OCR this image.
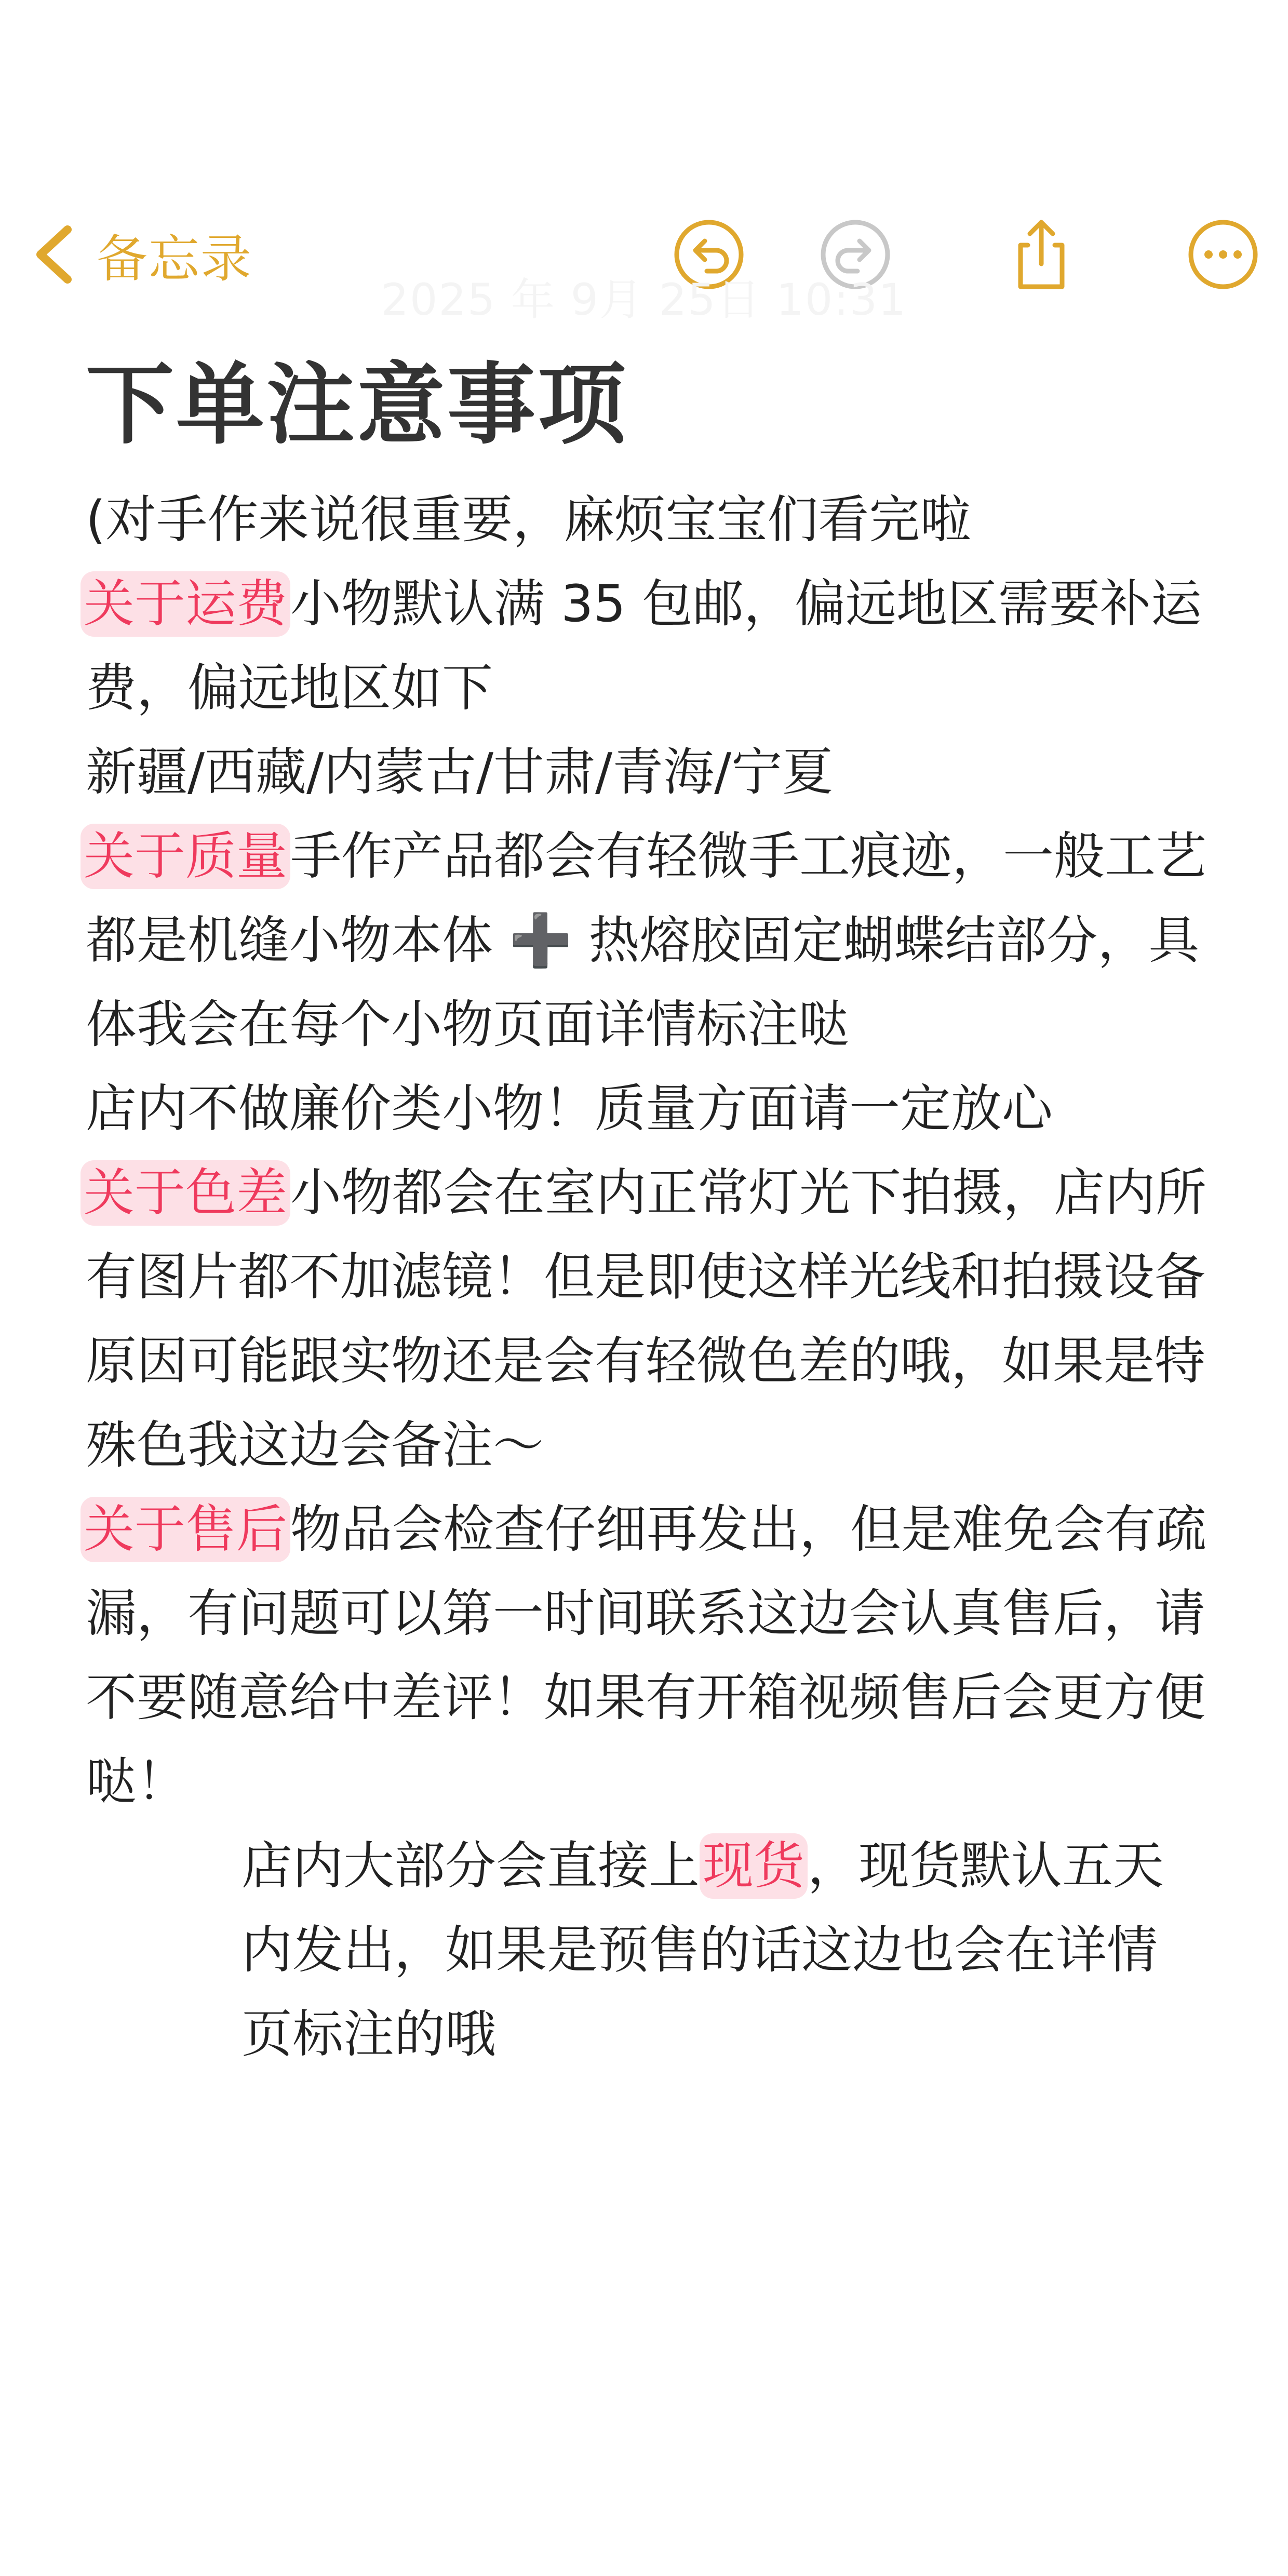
备忘录
2025 年 9月 25日 10:31
下单注意事项

(对手作来说很重要，麻烦宝宝们看完啦

关于运费小物默认满 35 包邮，偏远地区需要补运费，偏远地区如下

新疆/西藏/内蒙古/甘肃/青海/宁夏

关于质量手作产品都会有轻微手工痕迹，一般工艺都是机缝小物本体 ➕ 热熔胶固定蝴蝶结部分，具体我会在每个小物页面详情标注哒

店内不做廉价类小物！质量方面请一定放心

关于色差小物都会在室内正常灯光下拍摄，店内所有图片都不加滤镜！但是即使这样光线和拍摄设备原因可能跟实物还是会有轻微色差的哦，如果是特殊色我这边会备注～

关于售后物品会检查仔细再发出，但是难免会有疏漏，有问题可以第一时间联系这边会认真售后，请不要随意给中差评！如果有开箱视频售后会更方便哒！

店内大部分会直接上现货，现货默认五天内发出，如果是预售的话这边也会在详情页标注的哦
